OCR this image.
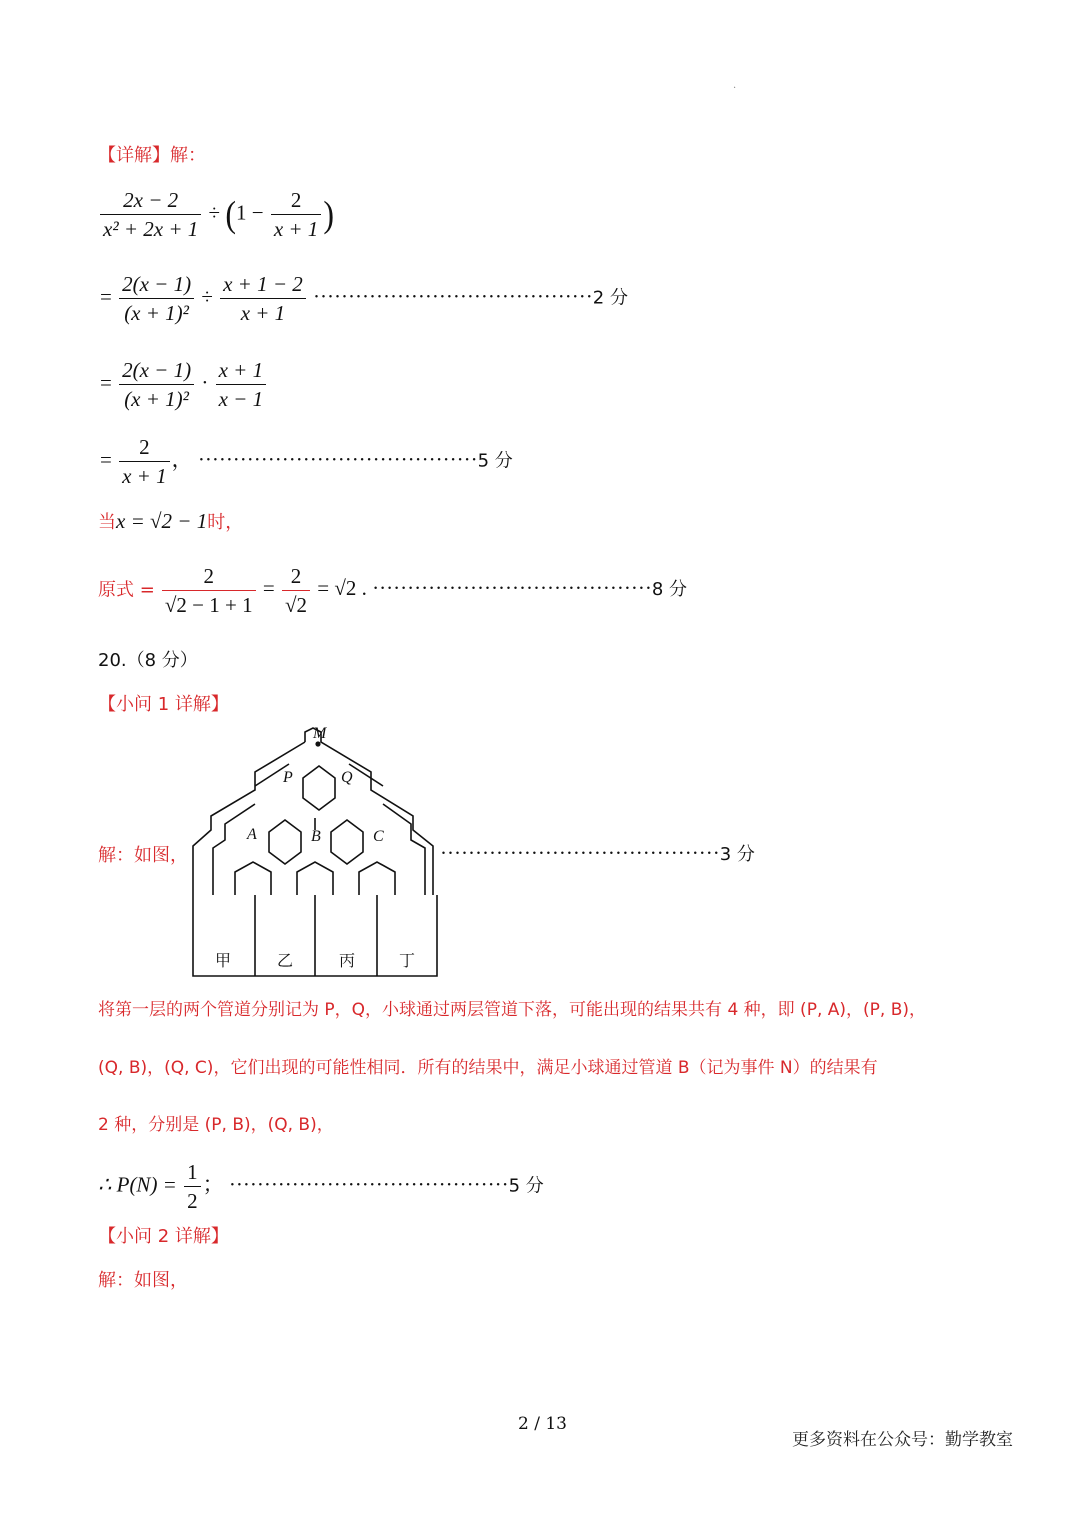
.
【详解】解：
$\frac{2x - 2}{\text{x² + 2x + 1}} \div (1 - \frac{2}{x + 1}$ )
= $\frac{2(x - 1)}{\text{(x + 1)²}} \div \frac{x + 1 - 2}{x + 1} \cdot\cdot\cdot\cdot\cdot\cdot\cdot\cdot\cdot\cdot\cdot\cdot\cdot\cdot\cdot\cdot\cdot\cdot\cdot\cdot\cdot\cdot\cdot\cdot\cdot\cdot\cdot\cdot\cdot\cdot\cdot\cdot\cdot\cdot\cdot\cdot\cdot\cdot\cdot\cdot 2$ 分
= $\frac{2(x - 1)}{\text{(x + 1)²}} \cdot \frac{x + 1}{x - 1}$
= $\frac{2}{x + 1}$ ， ········································5 分
当x = √2 − 1时，
原式 = $\frac{2}{√2 - 1 + 1} = \frac{2}{√2} = √2$ . ········································8 分
20.（8 分）
【小问 1 详解】
解：如图，
M
P	Q
A	B	C
甲	乙	丙	丁
········································3 分
将第一层的两个管道分别记为 P，Q，小球通过两层管道下落，可能出现的结果共有 4 种，即 (P, A)，(P, B)，
(Q, B)，(Q, C)，它们出现的可能性相同．所有的结果中，满足小球通过管道 B（记为事件 N）的结果有
2 种，分别是 (P, B)，(Q, B)，
∴ $P(N) = \frac{1}{2}$ ； ········································5 分
【小问 2 详解】
解：如图，
2 / 13
更多资料在公众号：勤学教室
